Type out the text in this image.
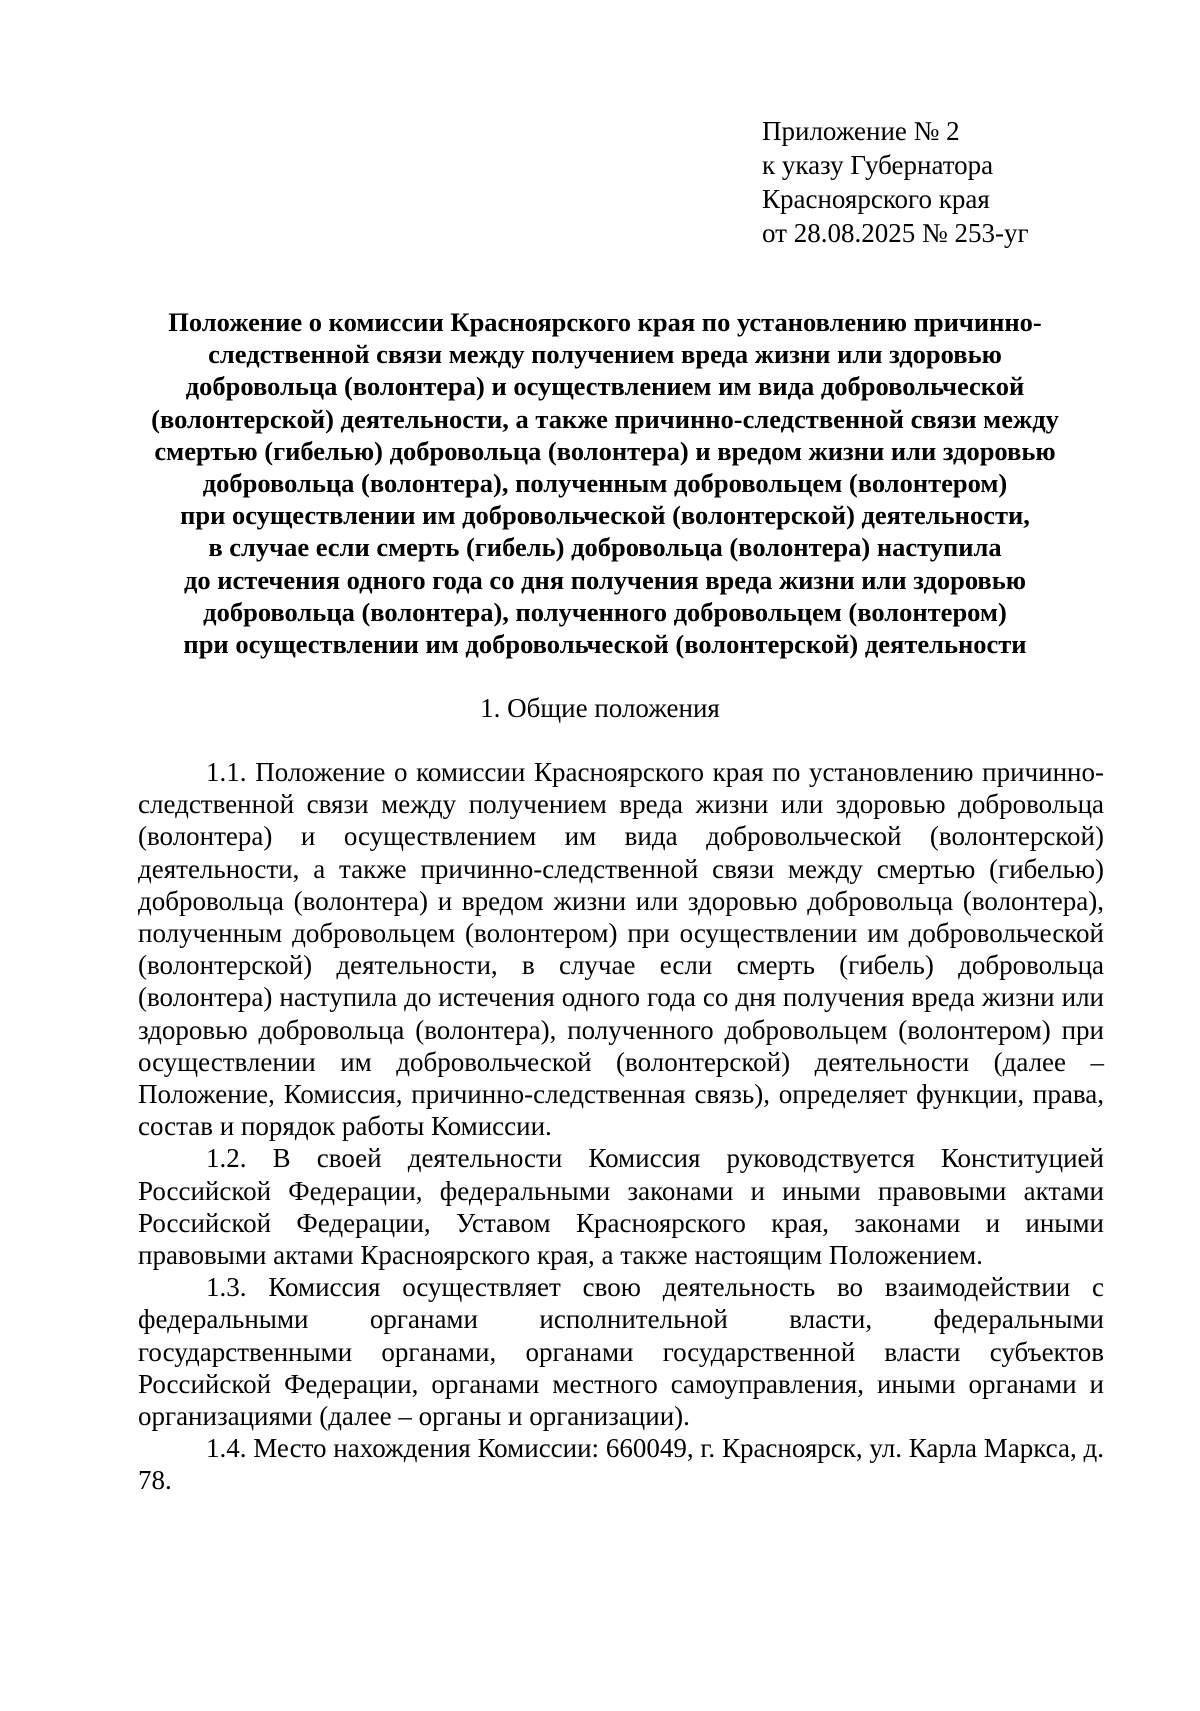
Приложение № 2
к указу Губернатора
Красноярского края
от 28.08.2025 № 253-уг
Положение о комиссии Красноярского края по установлению причинно-
следственной связи между получением вреда жизни или здоровью
добровольца (волонтера) и осуществлением им вида добровольческой
(волонтерской) деятельности, а также причинно-следственной связи между
смертью (гибелью) добровольца (волонтера) и вредом жизни или здоровью
добровольца (волонтера), полученным добровольцем (волонтером)
при осуществлении им добровольческой (волонтерской) деятельности,
в случае если смерть (гибель) добровольца (волонтера) наступила
до истечения одного года со дня получения вреда жизни или здоровью
добровольца (волонтера), полученного добровольцем (волонтером)
при осуществлении им добровольческой (волонтерской) деятельности
1. Общие положения

1.1. Положение о комиссии Красноярского края по установлению причинно-следственной связи между получением вреда жизни или здоровью добровольца (волонтера) и осуществлением им вида добровольческой (волонтерской) деятельности, а также причинно-следственной связи между смертью (гибелью) добровольца (волонтера) и вредом жизни или здоровью добровольца (волонтера), полученным добровольцем (волонтером) при осуществлении им добровольческой (волонтерской) деятельности, в случае если смерть (гибель) добровольца (волонтера) наступила до истечения одного года со дня получения вреда жизни или здоровью добровольца (волонтера), полученного добровольцем (волонтером) при осуществлении им добровольческой (волонтерской) деятельности (далее – Положение, Комиссия, причинно-следственная связь), определяет функции, права, состав и порядок работы Комиссии.

1.2. В своей деятельности Комиссия руководствуется Конституцией Российской Федерации, федеральными законами и иными правовыми актами Российской Федерации, Уставом Красноярского края, законами и иными правовыми актами Красноярского края, а также настоящим Положением.

1.3. Комиссия осуществляет свою деятельность во взаимодействии с федеральными органами исполнительной власти, федеральными государственными органами, органами государственной власти субъектов Российской Федерации, органами местного самоуправления, иными органами и организациями (далее – органы и организации).

1.4. Место нахождения Комиссии: 660049, г. Красноярск, ул. Карла Маркса, д. 78.
